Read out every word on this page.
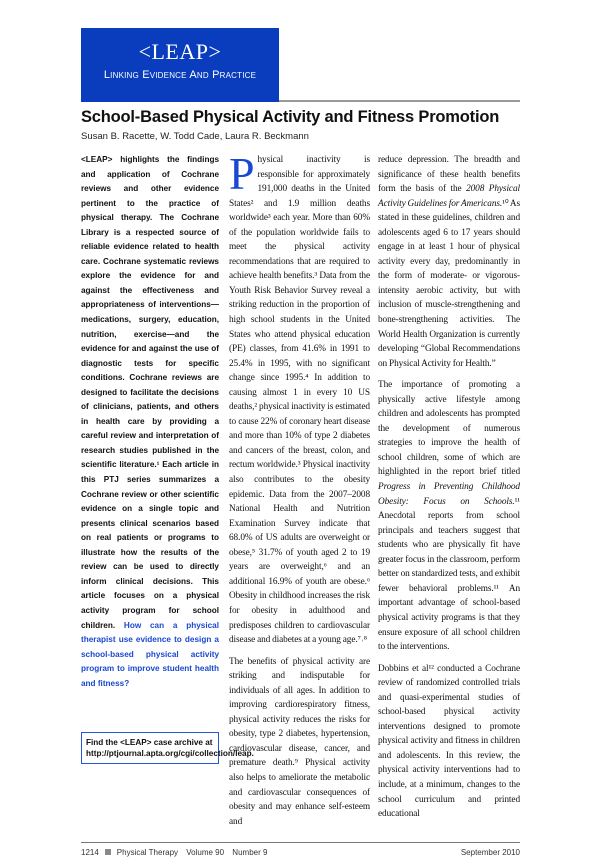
<LEAP>
Linking Evidence And Practice
School-Based Physical Activity and Fitness Promotion
Susan B. Racette, W. Todd Cade, Laura R. Beckmann

<LEAP> highlights the findings and application of Cochrane reviews and other evidence pertinent to the practice of physical therapy. The Cochrane Library is a respected source of reliable evidence related to health care. Cochrane systematic reviews explore the evidence for and against the effectiveness and appropriateness of interventions—medications, surgery, education, nutrition, exercise—and the evidence for and against the use of diagnostic tests for specific conditions. Cochrane reviews are designed to facilitate the decisions of clinicians, patients, and others in health care by providing a careful review and interpretation of research studies published in the scientific literature.¹ Each article in this PTJ series summarizes a Cochrane review or other scientific evidence on a single topic and presents clinical scenarios based on real patients or programs to illustrate how the results of the review can be used to directly inform clinical decisions. This article focuses on a physical activity program for school children. How can a physical therapist use evidence to design a school-based physical activity program to improve student health and fitness?

Find the <LEAP> case archive at http://ptjournal.apta.org/cgi/collection/leap.

Physical inactivity is responsible for approximately 191,000 deaths in the United States² and 1.9 million deaths worldwide³ each year. More than 60% of the population worldwide fails to meet the physical activity recommendations that are required to achieve health benefits.³ Data from the Youth Risk Behavior Survey reveal a striking reduction in the proportion of high school students in the United States who attend physical education (PE) classes, from 41.6% in 1991 to 25.4% in 1995, with no significant change since 1995.⁴ In addition to causing almost 1 in every 10 US deaths,² physical inactivity is estimated to cause 22% of coronary heart disease and more than 10% of type 2 diabetes and cancers of the breast, colon, and rectum worldwide.³ Physical inactivity also contributes to the obesity epidemic. Data from the 2007–2008 National Health and Nutrition Examination Survey indicate that 68.0% of US adults are overweight or obese,⁵ 31.7% of youth aged 2 to 19 years are overweight,⁶ and an additional 16.9% of youth are obese.⁶ Obesity in childhood increases the risk for obesity in adulthood and predisposes children to cardiovascular disease and diabetes at a young age.⁷˒⁸

The benefits of physical activity are striking and indisputable for individuals of all ages. In addition to improving cardiorespiratory fitness, physical activity reduces the risks for obesity, type 2 diabetes, hypertension, cardiovascular disease, cancer, and premature death.⁹ Physical activity also helps to ameliorate the metabolic and cardiovascular consequences of obesity and may enhance self-esteem and

reduce depression. The breadth and significance of these health benefits form the basis of the 2008 Physical Activity Guidelines for Americans.¹⁰ As stated in these guidelines, children and adolescents aged 6 to 17 years should engage in at least 1 hour of physical activity every day, predominantly in the form of moderate- or vigorous-intensity aerobic activity, but with inclusion of muscle-strengthening and bone-strengthening activities. The World Health Organization is currently developing “Global Recommendations on Physical Activity for Health.”

The importance of promoting a physically active lifestyle among children and adolescents has prompted the development of numerous strategies to improve the health of school children, some of which are highlighted in the report brief titled Progress in Preventing Childhood Obesity: Focus on Schools.¹¹ Anecdotal reports from school principals and teachers suggest that students who are physically fit have greater focus in the classroom, perform better on standardized tests, and exhibit fewer behavioral problems.¹¹ An important advantage of school-based physical activity programs is that they ensure exposure of all school children to the interventions.

Dobbins et al¹² conducted a Cochrane review of randomized controlled trials and quasi-experimental studies of school-based physical activity interventions designed to promote physical activity and fitness in children and adolescents. In this review, the physical activity interventions had to include, at a minimum, changes to the school curriculum and printed educational

1214 Physical Therapy Volume 90 Number 9	September 2010
